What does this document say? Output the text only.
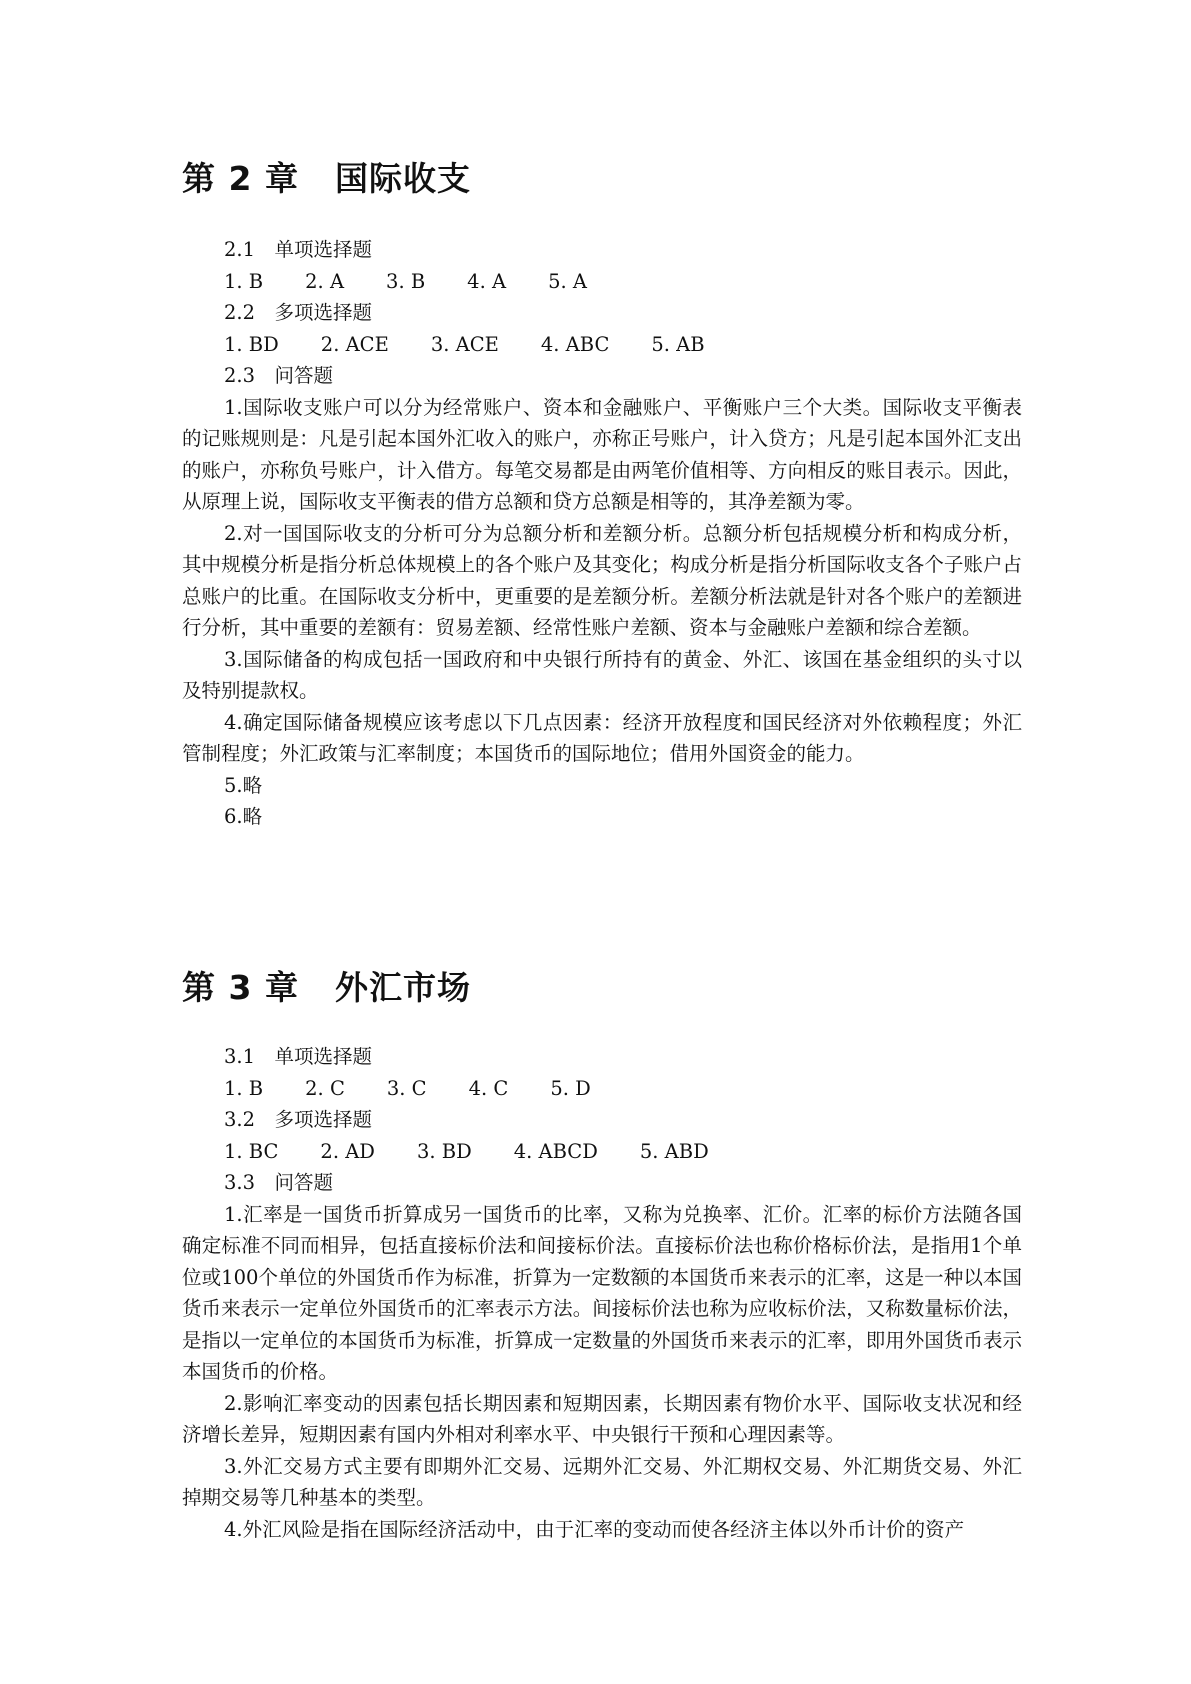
第 2 章 国际收支
2.1　单项选择题
1. B 2. A 3. B 4. A 5. A
2.2　多项选择题
1. BD 2. ACE 3. ACE 4. ABC 5. AB
2.3　问答题
1.国际收支账户可以分为经常账户、资本和金融账户、平衡账户三个大类。国际收支平衡表的记账规则是：凡是引起本国外汇收入的账户，亦称正号账户，计入贷方；凡是引起本国外汇支出的账户，亦称负号账户，计入借方。每笔交易都是由两笔价值相等、方向相反的账目表示。因此，从原理上说，国际收支平衡表的借方总额和贷方总额是相等的，其净差额为零。
2.对一国国际收支的分析可分为总额分析和差额分析。总额分析包括规模分析和构成分析，其中规模分析是指分析总体规模上的各个账户及其变化；构成分析是指分析国际收支各个子账户占总账户的比重。在国际收支分析中，更重要的是差额分析。差额分析法就是针对各个账户的差额进行分析，其中重要的差额有：贸易差额、经常性账户差额、资本与金融账户差额和综合差额。
3.国际储备的构成包括一国政府和中央银行所持有的黄金、外汇、该国在基金组织的头寸以及特别提款权。
4.确定国际储备规模应该考虑以下几点因素：经济开放程度和国民经济对外依赖程度；外汇管制程度；外汇政策与汇率制度；本国货币的国际地位；借用外国资金的能力。
5.略
6.略
第 3 章 外汇市场
3.1　单项选择题
1. B 2. C 3. C 4. C 5. D
3.2　多项选择题
1. BC 2. AD 3. BD 4. ABCD 5. ABD
3.3　问答题
1.汇率是一国货币折算成另一国货币的比率，又称为兑换率、汇价。汇率的标价方法随各国确定标准不同而相异，包括直接标价法和间接标价法。直接标价法也称价格标价法，是指用1个单位或100个单位的外国货币作为标准，折算为一定数额的本国货币来表示的汇率，这是一种以本国货币来表示一定单位外国货币的汇率表示方法。间接标价法也称为应收标价法，又称数量标价法，是指以一定单位的本国货币为标准，折算成一定数量的外国货币来表示的汇率，即用外国货币表示本国货币的价格。
2.影响汇率变动的因素包括长期因素和短期因素，长期因素有物价水平、国际收支状况和经济增长差异，短期因素有国内外相对利率水平、中央银行干预和心理因素等。
3.外汇交易方式主要有即期外汇交易、远期外汇交易、外汇期权交易、外汇期货交易、外汇掉期交易等几种基本的类型。
4.外汇风险是指在国际经济活动中，由于汇率的变动而使各经济主体以外币计价的资产
